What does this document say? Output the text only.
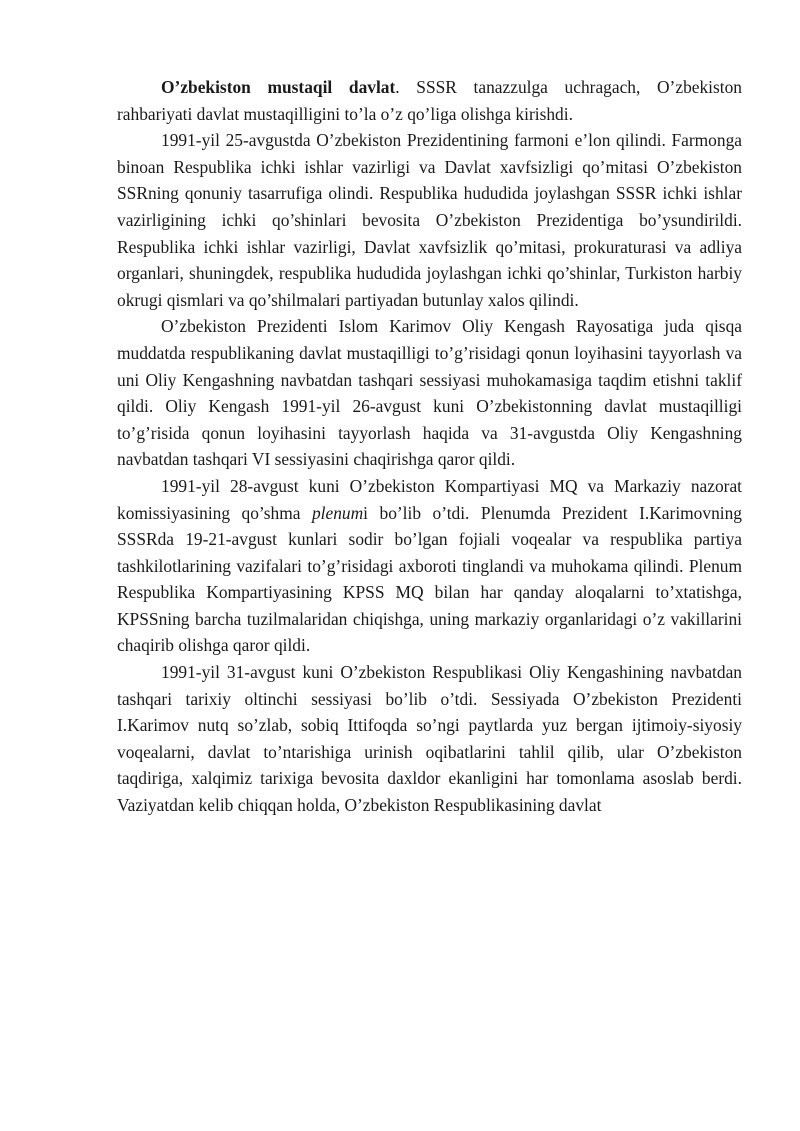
O’zbekiston mustaqil davlat. SSSR tanazzulga uchragach, O’zbekiston rahbariyati davlat mustaqilligini to’la o’z qo’liga olishga kirishdi.

1991-yil 25-avgustda O’zbekiston Prezidentining farmoni e’lon qilindi. Farmonga binoan Respublika ichki ishlar vazirligi va Davlat xavfsizligi qo’mitasi O’zbekiston SSRning qonuniy tasarrufiga olindi. Respublika hududida joylashgan SSSR ichki ishlar vazirligining ichki qo’shinlari bevosita O’zbekiston Prezidentiga bo’ysundirildi. Respublika ichki ishlar vazirligi, Davlat xavfsizlik qo’mitasi, prokuraturasi va adliya organlari, shuningdek, respublika hududida joylashgan ichki qo’shinlar, Turkiston harbiy okrugi qismlari va qo’shilmalari partiyadan butunlay xalos qilindi.

O’zbekiston Prezidenti Islom Karimov Oliy Kengash Rayosatiga juda qisqa muddatda respublikaning davlat mustaqilligi to’g’risidagi qonun loyihasini tayyorlash va uni Oliy Kengashning navbatdan tashqari sessiyasi muhokamasiga taqdim etishni taklif qildi. Oliy Kengash 1991-yil 26-avgust kuni O’zbekistonning davlat mustaqilligi to’g’risida qonun loyihasini tayyorlash haqida va 31-avgustda Oliy Kengashning navbatdan tashqari VI sessiyasini chaqirishga qaror qildi.

1991-yil 28-avgust kuni O’zbekiston Kompartiyasi MQ va Markaziy nazorat komissiyasining qo’shma plenumi bo’lib o’tdi. Plenumda Prezident I.Karimovning SSSRda 19-21-avgust kunlari sodir bo’lgan fojiali voqealar va respublika partiya tashkilotlarining vazifalari to’g’risidagi axboroti tinglandi va muhokama qilindi. Plenum Respublika Kompartiyasining KPSS MQ bilan har qanday aloqalarni to’xtatishga, KPSSning barcha tuzilmalaridan chiqishga, uning markaziy organlaridagi o’z vakillarini chaqirib olishga qaror qildi.

1991-yil 31-avgust kuni O’zbekiston Respublikasi Oliy Kengashining navbatdan tashqari tarixiy oltinchi sessiyasi bo’lib o’tdi. Sessiyada O’zbekiston Prezidenti I.Karimov nutq so’zlab, sobiq Ittifoqda so’ngi paytlarda yuz bergan ijtimoiy-siyosiy voqealarni, davlat to’ntarishiga urinish oqibatlarini tahlil qilib, ular O’zbekiston taqdiriga, xalqimiz tarixiga bevosita daxldor ekanligini har tomonlama asoslab berdi. Vaziyatdan kelib chiqqan holda, O’zbekiston Respublikasining davlat
